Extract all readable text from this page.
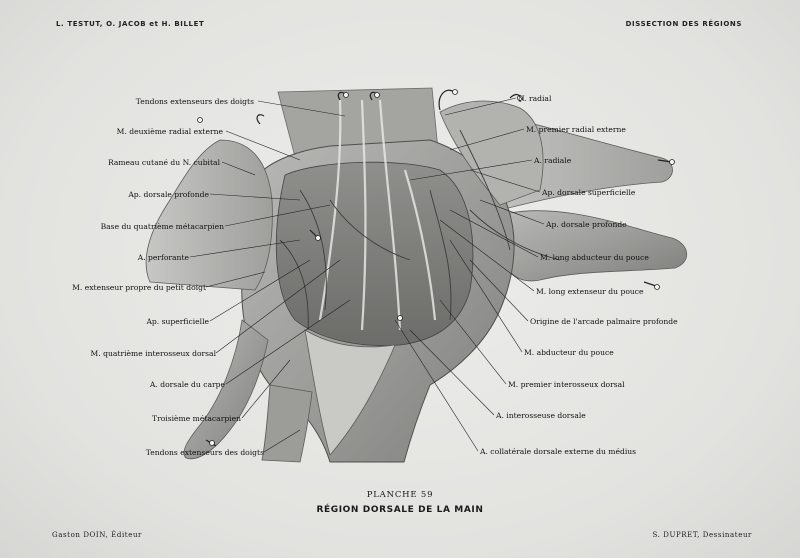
L. TESTUT, O. JACOB et H. BILLET	DISSECTION DES RÉGIONS
Tendons extenseurs des doigts
M. deuxième radial externe
Rameau cutané du N. cubital
Ap. dorsale profonde
Base du quatrième métacarpien
A. perforante
M. extenseur propre du petit doigt
Ap. superficielle
M. quatrième interosseux dorsal
A. dorsale du carpe
Troisième métacarpien
Tendons extenseurs des doigts
N. radial
M. premier radial externe
A. radiale
Ap. dorsale superficielle
Ap. dorsale profonde
M. long abducteur du pouce
M. long extenseur du pouce
Origine de l'arcade palmaire profonde
M. abducteur du pouce
M. premier interosseux dorsal
A. interosseuse dorsale
A. collatérale dorsale externe du médius
PLANCHE 59
RÉGION DORSALE DE LA MAIN
Gaston DOIN, Éditeur	S. DUPRET, Dessinateur
